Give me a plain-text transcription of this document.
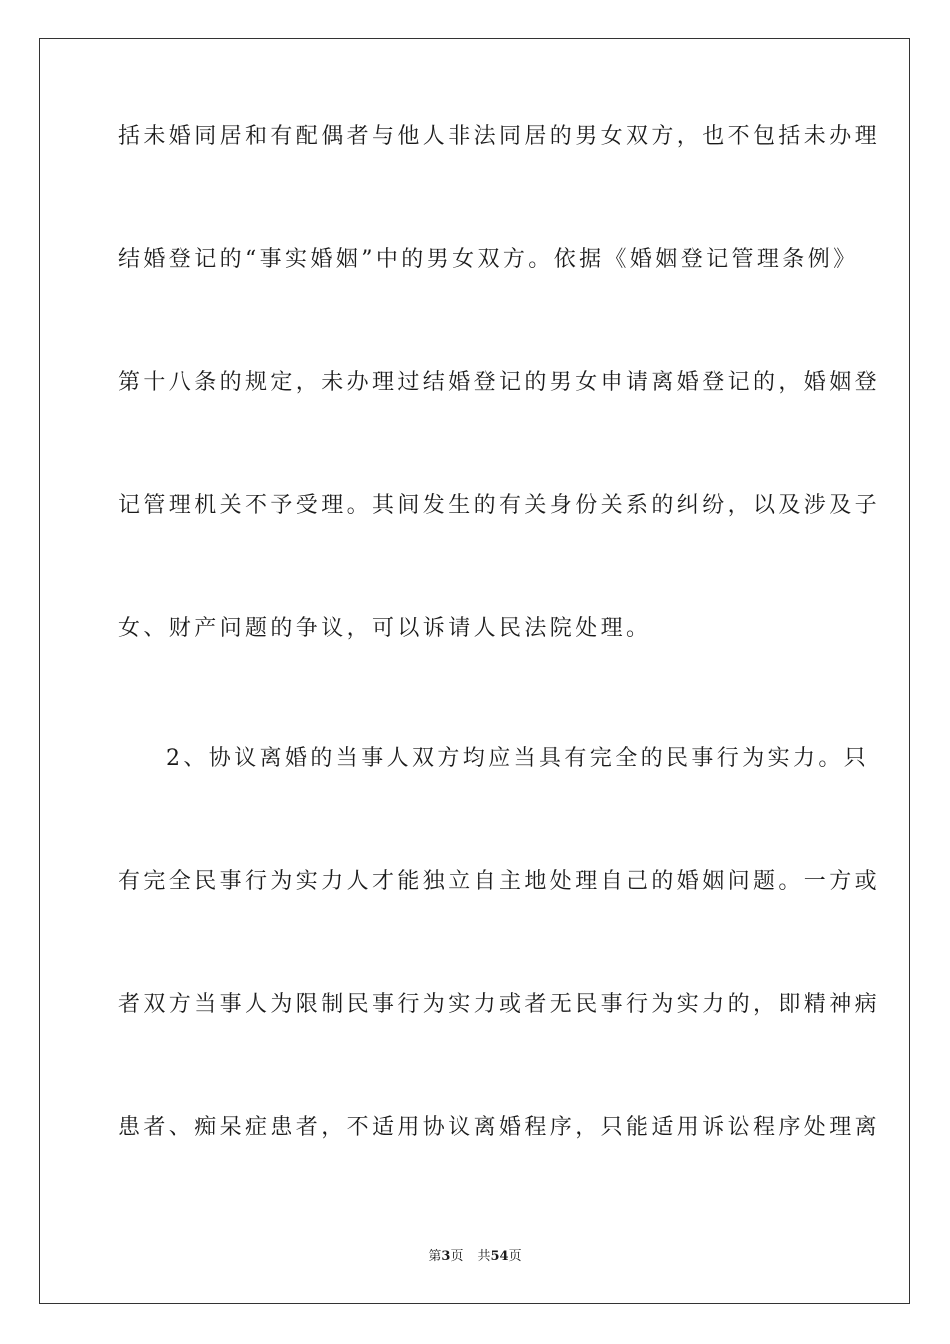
括未婚同居和有配偶者与他人非法同居的男女双方，也不包括未办理
结婚登记的“事实婚姻”中的男女双方。依据《婚姻登记管理条例》
第十八条的规定，未办理过结婚登记的男女申请离婚登记的，婚姻登
记管理机关不予受理。其间发生的有关身份关系的纠纷，以及涉及子
女、财产问题的争议，可以诉请人民法院处理。
2、协议离婚的当事人双方均应当具有完全的民事行为实力。只
有完全民事行为实力人才能独立自主地处理自己的婚姻问题。一方或
者双方当事人为限制民事行为实力或者无民事行为实力的，即精神病
患者、痴呆症患者，不适用协议离婚程序，只能适用诉讼程序处理离
第3页 共54页
